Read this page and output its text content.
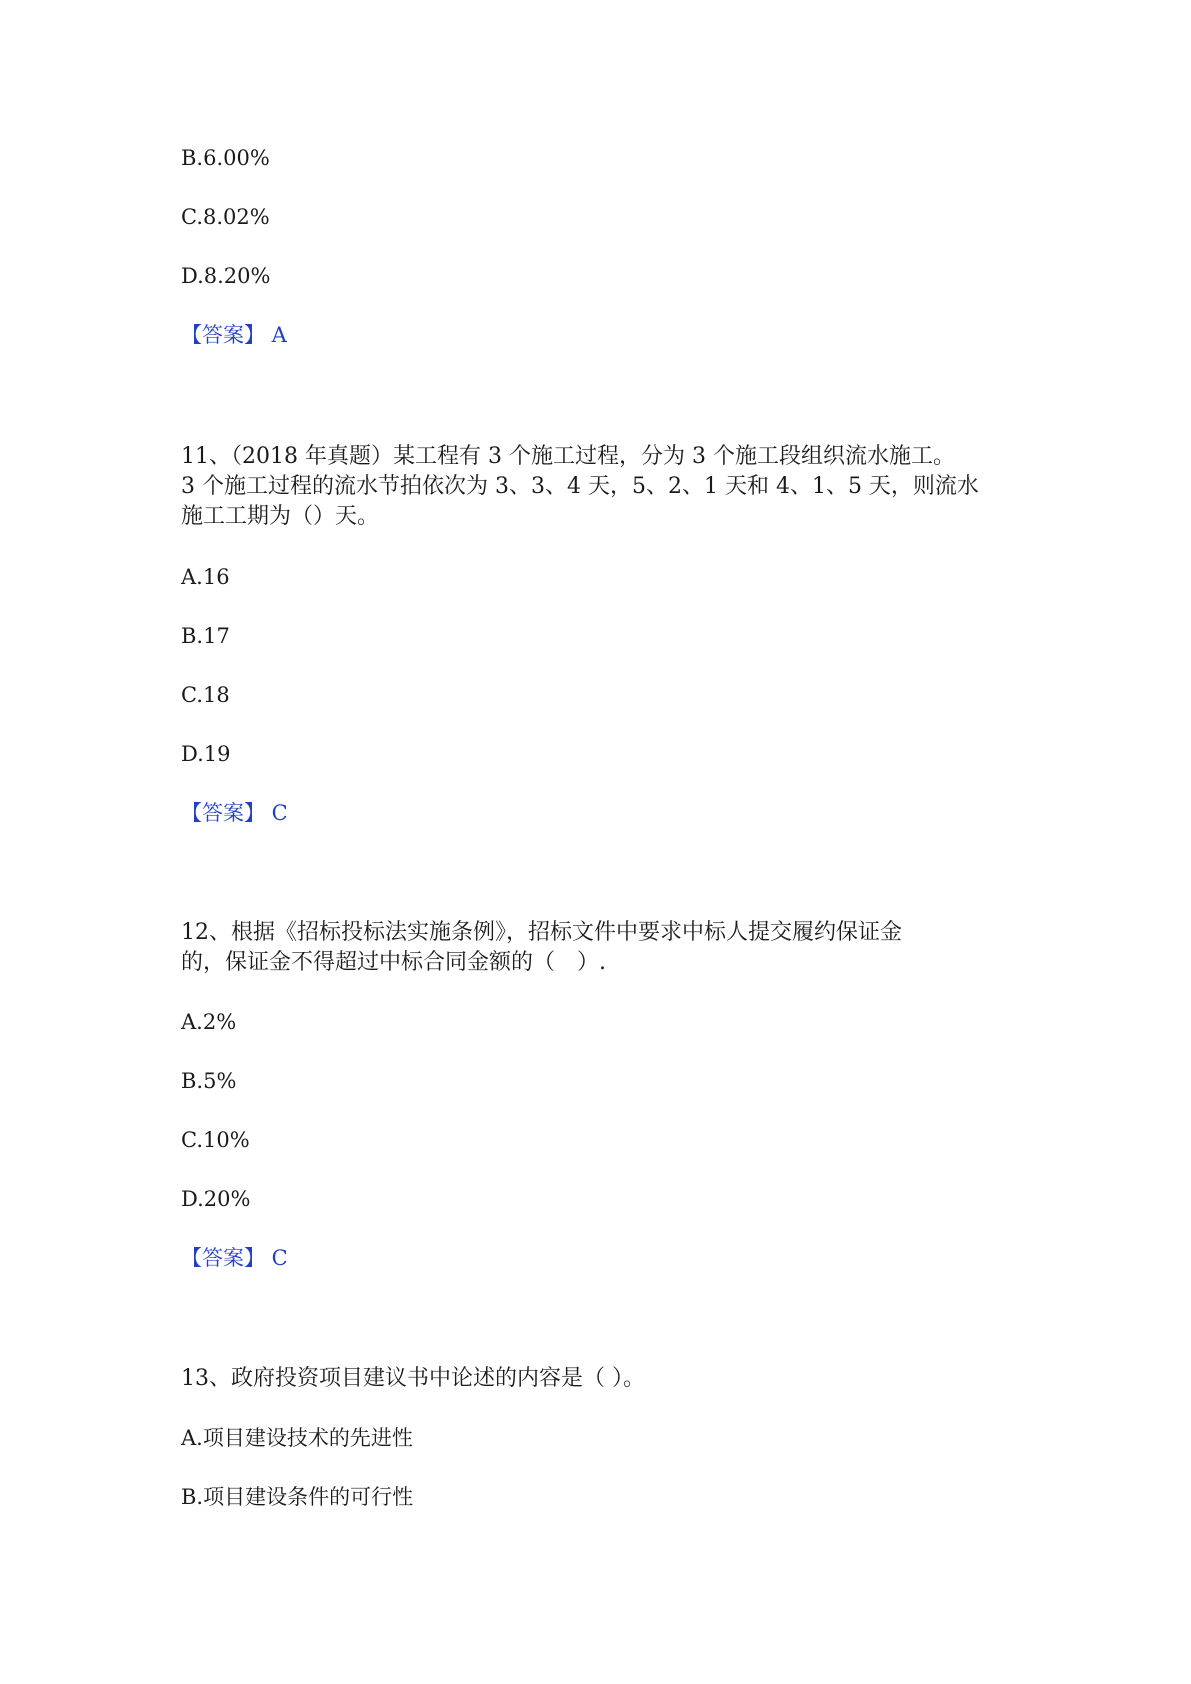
B.6.00%

C.8.02%

D.8.20%

【答案】 A

11、（2018 年真题）某工程有 3 个施工过程，分为 3 个施工段组织流水施工。

3 个施工过程的流水节拍依次为 3、3、4 天，5、2、1 天和 4、1、5 天，则流水

施工工期为（）天。

A.16

B.17

C.18

D.19

【答案】 C

12、根据《招标投标法实施条例》，招标文件中要求中标人提交履约保证金

的，保证金不得超过中标合同金额的（　）.

A.2%

B.5%

C.10%

D.20%

【答案】 C

13、政府投资项目建议书中论述的内容是（ ）。

A.项目建设技术的先进性

B.项目建设条件的可行性
